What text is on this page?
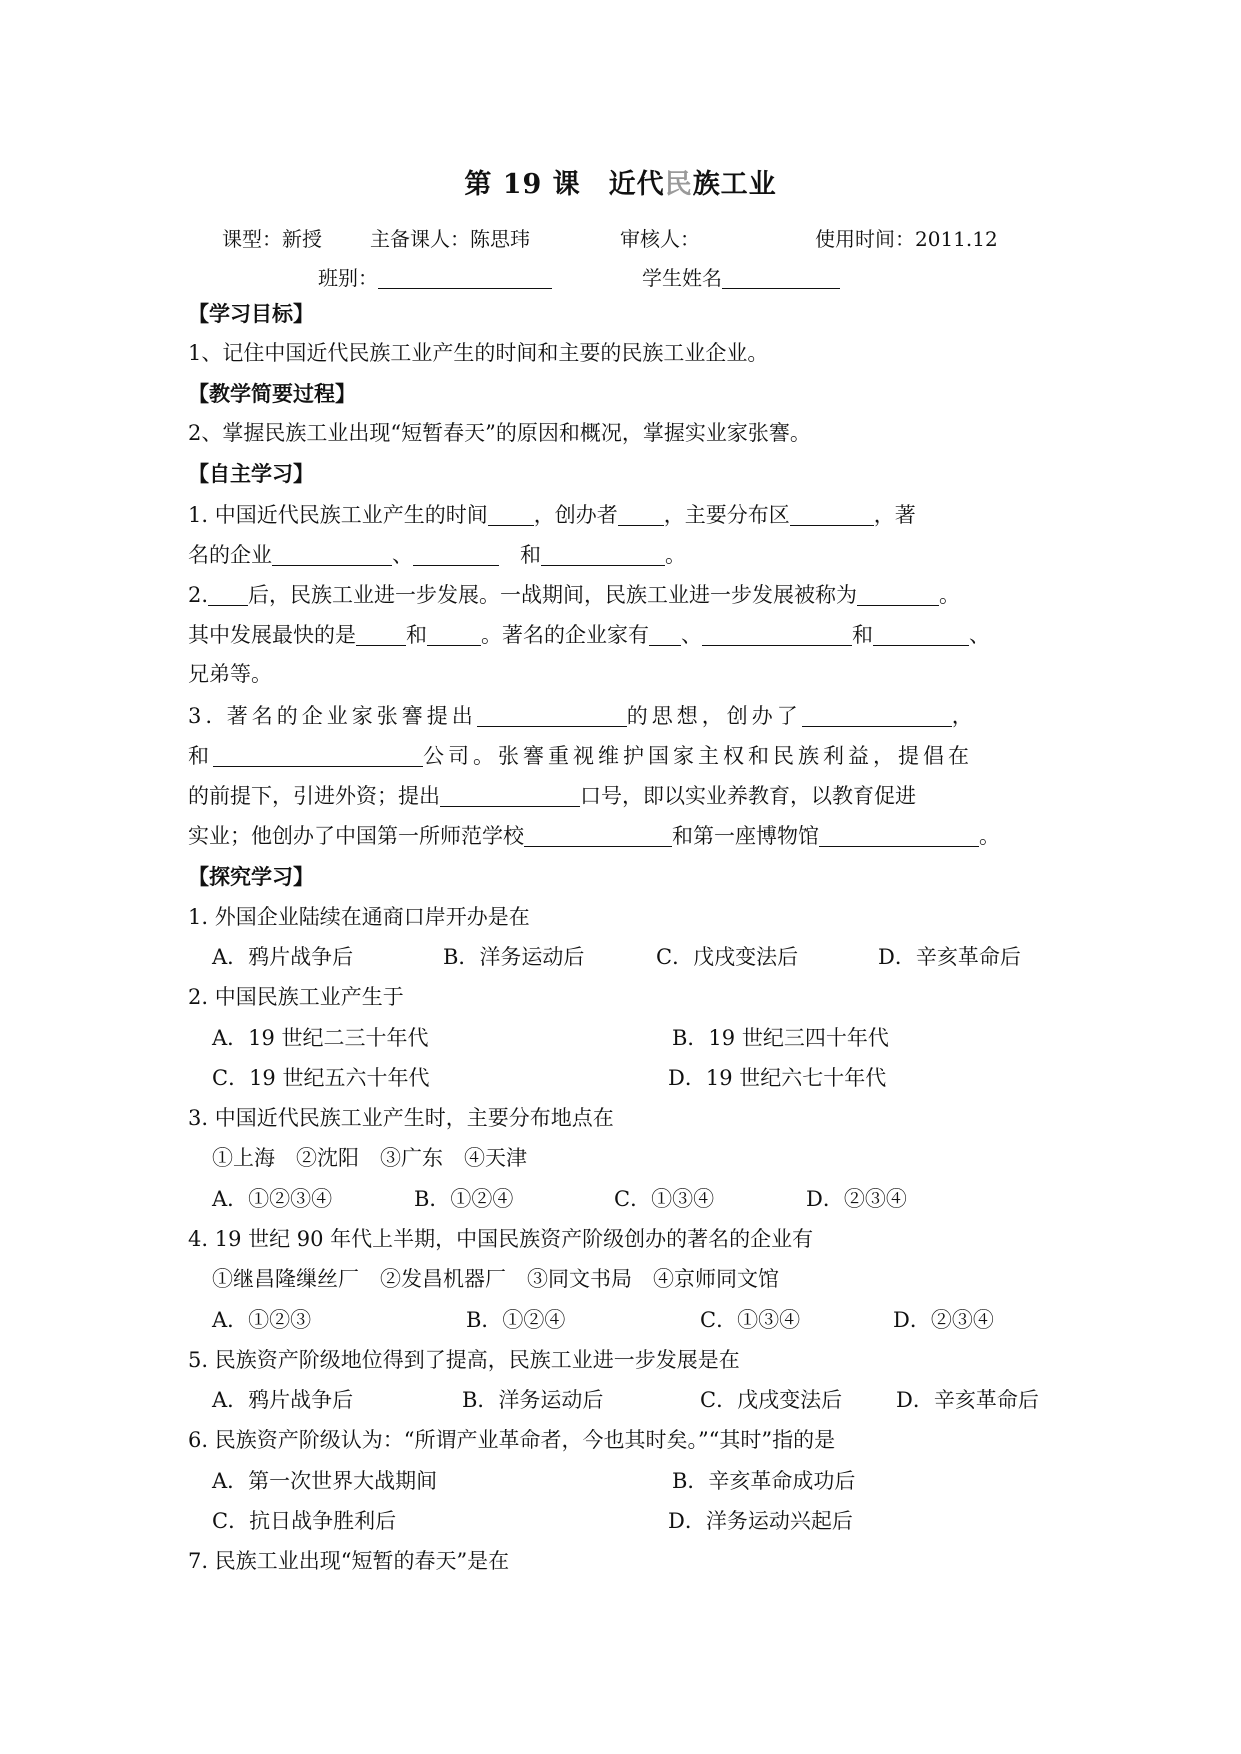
第 19 课　近代民族工业
课型：新授 主备课人：陈思玮	审核人：	使用时间：2011.12
班别：	学生姓名
【学习目标】
1、记住中国近代民族工业产生的时间和主要的民族工业企业。
【教学简要过程】
2、掌握民族工业出现“短暂春天”的原因和概况，掌握实业家张謇。
【自主学习】
1. 中国近代民族工业产生的时间 ，创办者 ，主要分布区	，著
名的企业	、　	和	。
2. 后，民族工业进一步发展。一战期间，民族工业进一步发展被称为	。
其中发展最快的是 和	。著名的企业家有 、	和	、
兄弟等。
3. 著名的企业家张謇提出	的思想，创办了	，
和	公司。张謇重视维护国家主权和民族利益，提倡在
的前提下，引进外资；提出	口号，即以实业养教育，以教育促进
实业；他创办了中国第一所师范学校	和第一座博物馆	。
【探究学习】
1. 外国企业陆续在通商口岸开办是在
A．鸦片战争后	B．洋务运动后	C．戊戌变法后	D．辛亥革命后
2. 中国民族工业产生于
A．19 世纪二三十年代	B．19 世纪三四十年代
C．19 世纪五六十年代	D．19 世纪六七十年代
3. 中国近代民族工业产生时，主要分布地点在
①上海　②沈阳　③广东　④天津
A．①②③④	B．①②④	C．①③④	D．②③④
4. 19 世纪 90 年代上半期，中国民族资产阶级创办的著名的企业有
①继昌隆缫丝厂　②发昌机器厂　③同文书局　④京师同文馆
A．①②③	B．①②④	C．①③④	D．②③④
5. 民族资产阶级地位得到了提高，民族工业进一步发展是在
A．鸦片战争后	B．洋务运动后	C．戊戌变法后	D．辛亥革命后
6. 民族资产阶级认为：“所谓产业革命者，今也其时矣。”“其时”指的是
A．第一次世界大战期间	B．辛亥革命成功后
C．抗日战争胜利后	D．洋务运动兴起后
7. 民族工业出现“短暂的春天”是在
